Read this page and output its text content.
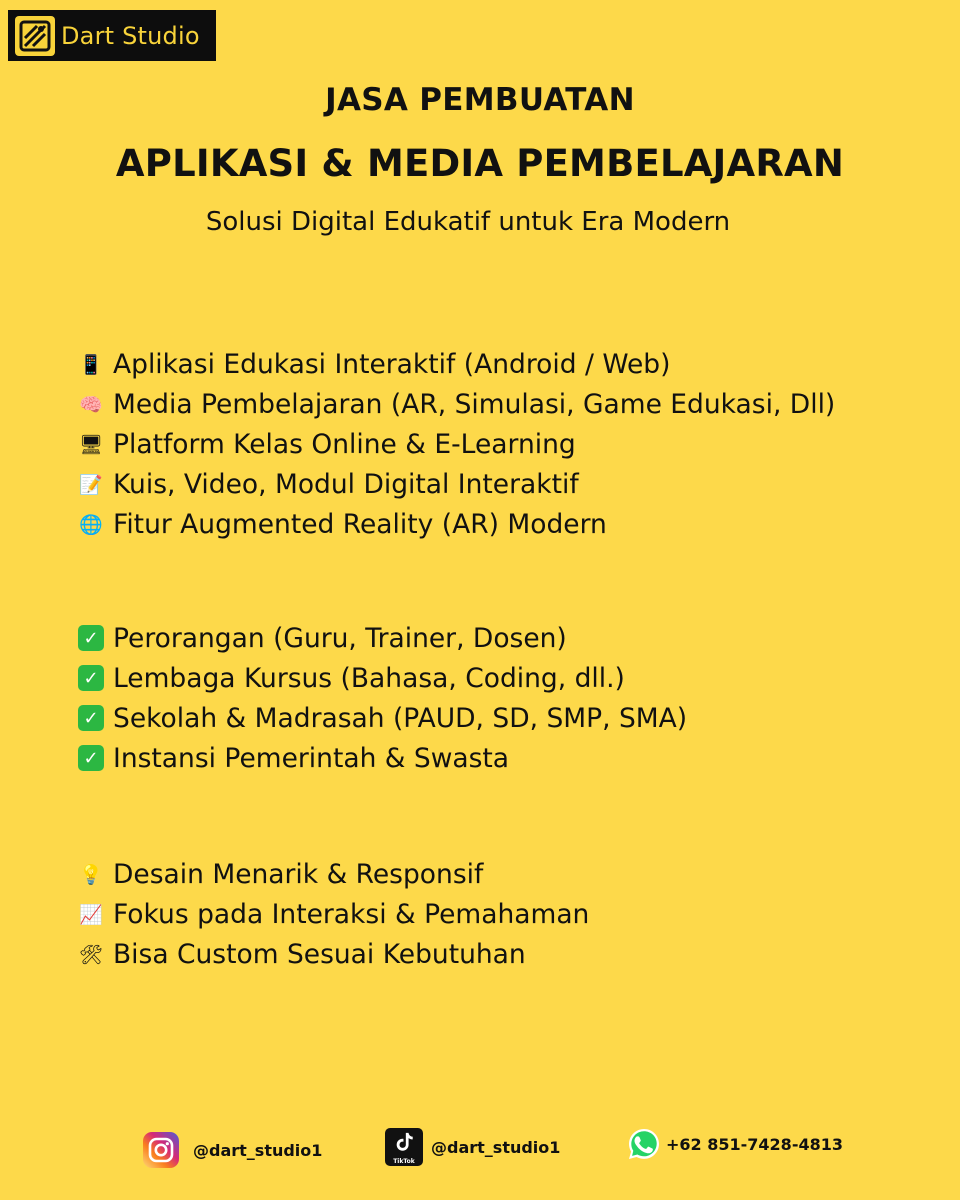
Dart Studio
JASA PEMBUATAN
APLIKASI & MEDIA PEMBELAJARAN
Solusi Digital Edukatif untuk Era Modern
📱 Aplikasi Edukasi Interaktif (Android / Web)
🧠 Media Pembelajaran (AR, Simulasi, Game Edukasi, Dll)
🖥 Platform Kelas Online & E-Learning
📝 Kuis, Video, Modul Digital Interaktif
🌐 Fitur Augmented Reality (AR) Modern
✓ Perorangan (Guru, Trainer, Dosen)
✓ Lembaga Kursus (Bahasa, Coding, dll.)
✓ Sekolah & Madrasah (PAUD, SD, SMP, SMA)
✓ Instansi Pemerintah & Swasta
💡 Desain Menarik & Responsif
📈 Fokus pada Interaksi & Pemahaman
🛠 Bisa Custom Sesuai Kebutuhan
@dart_studio1
TikTok
@dart_studio1	+62 851-7428-4813
